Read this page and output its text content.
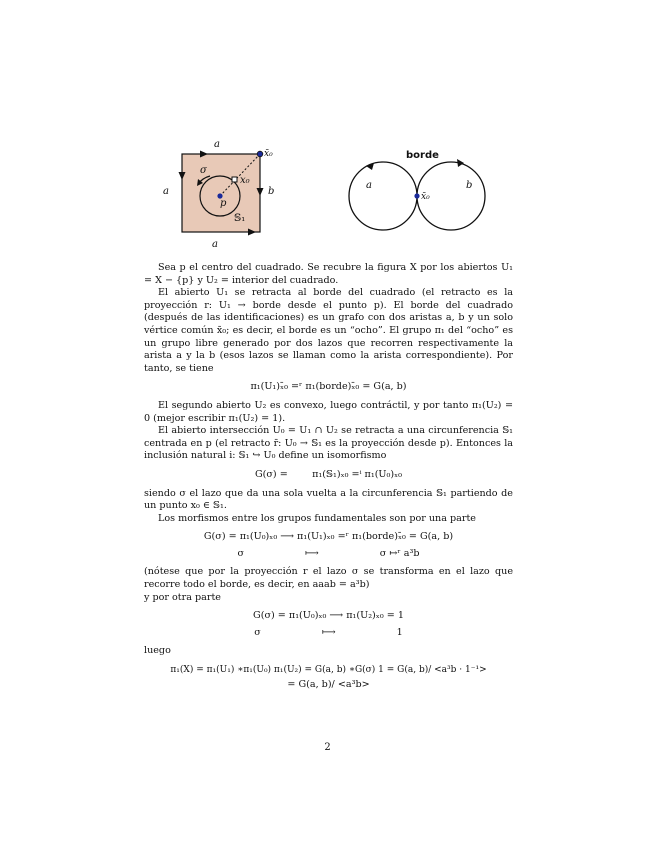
a
a	b
a
x̄₀
σ
x₀
p
𝕊₁
borde
a	b
x̄₀

Sea p el centro del cuadrado. Se recubre la figura X por los abiertos U₁ = X − {p} y U₂ = interior del cuadrado.

El abierto U₁ se retracta al borde del cuadrado (el retracto es la proyección r: U₁ → borde desde el punto p). El borde del cuadrado (después de las identificaciones) es un grafo con dos aristas a, b y un solo vértice común x̄₀; es decir, el borde es un “ocho”. El grupo π₁ del “ocho” es un grupo libre generado por dos lazos que recorren respectivamente la arista a y la b (esos lazos se llaman como la arista correspondiente). Por tanto, se tiene

π₁(U₁)ₓ̄₀ =ʳ π₁(borde)ₓ̄₀ = G(a, b)

El segundo abierto U₂ es convexo, luego contráctil, y por tanto π₁(U₂) = 0 (mejor escribir π₁(U₂) = 1).

El abierto intersección U₀ = U₁ ∩ U₂ se retracta a una circunferencia 𝕊₁ centrada en p (el retracto r̄: U₀ → 𝕊₁ es la proyección desde p). Entonces la inclusión natural i: 𝕊₁ ↪ U₀ define un isomorfismo

G(σ) =        π₁(𝕊₁)ₓ₀ =ⁱ π₁(U₀)ₓ₀

siendo σ el lazo que da una sola vuelta a la circunferencia 𝕊₁ partiendo de un punto x₀ ∈ 𝕊₁.

Los morfismos entre los grupos fundamentales son por una parte

G(σ) = π₁(U₀)ₓ₀ ⟶ π₁(U₁)ₓ₀ =ʳ π₁(borde)ₓ̄₀ = G(a, b)
σ                    ⟼                    σ ↦ʳ a³b

(nótese que por la proyección r el lazo σ se transforma en el lazo que recorre todo el borde, es decir, en aaab = a³b)

y por otra parte

G(σ) = π₁(U₀)ₓ₀ ⟶ π₁(U₂)ₓ₀ = 1
σ                    ⟼                    1

luego

π₁(X) = π₁(U₁) ∗π₁(U₀) π₁(U₂) = G(a, b) ∗G(σ) 1 = G(a, b)/ <a³b · 1⁻¹>
= G(a, b)/ <a³b>
2
